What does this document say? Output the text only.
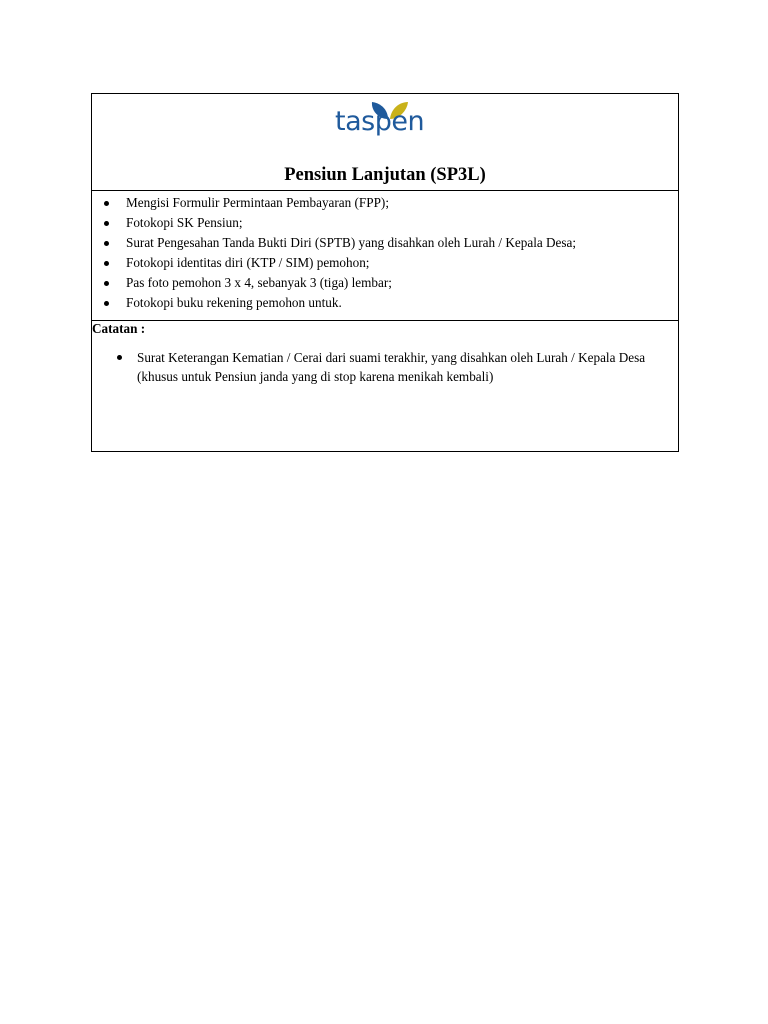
taspen
Pensiun Lanjutan (SP3L)
Mengisi Formulir Permintaan Pembayaran (FPP);
Fotokopi SK Pensiun;
Surat Pengesahan Tanda Bukti Diri (SPTB) yang disahkan oleh Lurah / Kepala Desa;
Fotokopi identitas diri (KTP / SIM) pemohon;
Pas foto pemohon 3 x 4, sebanyak 3 (tiga) lembar;
Fotokopi buku rekening pemohon untuk.
Catatan :
Surat Keterangan Kematian / Cerai dari suami terakhir, yang disahkan oleh Lurah / Kepala Desa
(khusus untuk Pensiun janda yang di stop karena menikah kembali)
